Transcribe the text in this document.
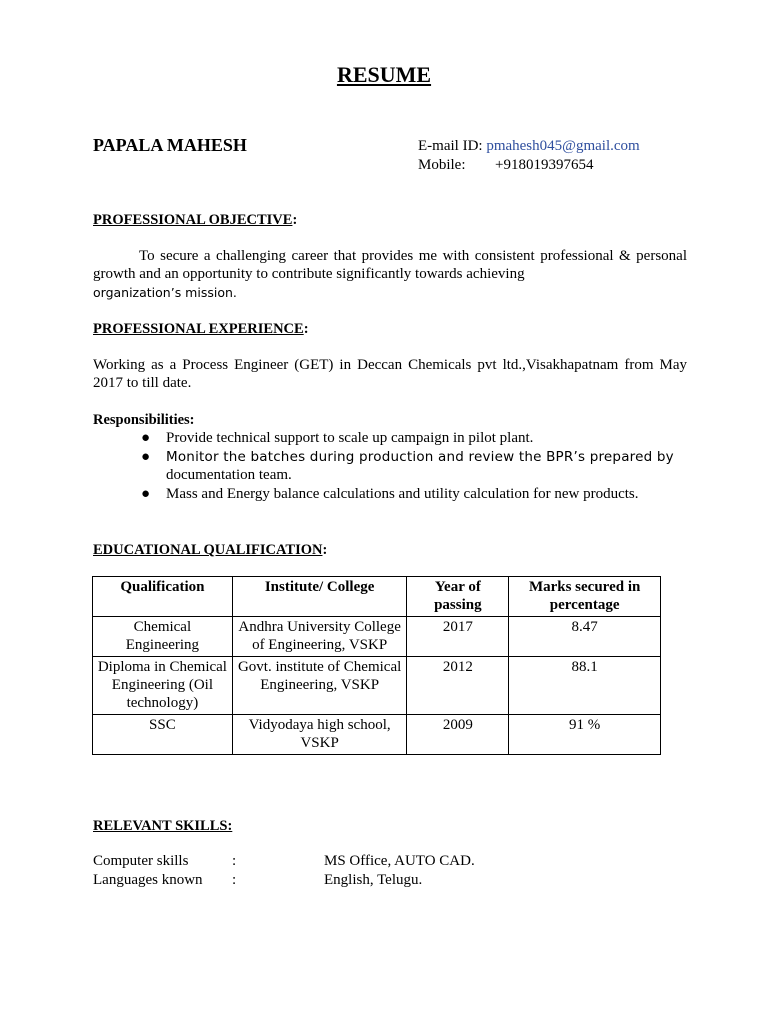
RESUME
PAPALA MAHESH	E-mail ID: pmahesh045@gmail.com
Mobile: +918019397654
PROFESSIONAL OBJECTIVE:
To secure a challenging career that provides me with consistent professional & personal growth and an opportunity to contribute significantly towards achieving
organization’s mission.
PROFESSIONAL EXPERIENCE:
Working as a Process Engineer (GET) in Deccan Chemicals pvt ltd.,Visakhapatnam from May 2017 to till date.
Responsibilities:
● Provide technical support to scale up campaign in pilot plant.
● Monitor the batches during production and review the BPR’s prepared by
documentation team.
● Mass and Energy balance calculations and utility calculation for new products.
EDUCATIONAL QUALIFICATION:
Qualification	Institute/ College	Year of passing	Marks secured in percentage
Chemical Engineering	Andhra University College of Engineering, VSKP	2017	8.47
Diploma in Chemical Engineering (Oil technology)	Govt. institute of Chemical Engineering, VSKP	2012	88.1
SSC	Vidyodaya high school, VSKP	2009	91 %
RELEVANT SKILLS:
Computer skills	:	MS Office, AUTO CAD.
Languages known :	English, Telugu.
